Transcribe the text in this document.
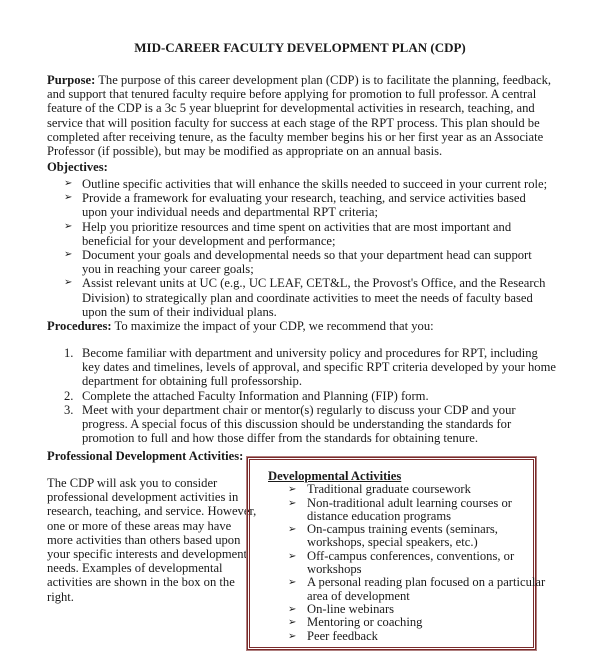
MID-CAREER FACULTY DEVELOPMENT PLAN (CDP)
Purpose: The purpose of this career development plan (CDP) is to facilitate the planning, feedback,
and support that tenured faculty require before applying for promotion to full professor. A central
feature of the CDP is a 3c 5 year blueprint for developmental activities in research, teaching, and
service that will position faculty for success at each stage of the RPT process. This plan should be
completed after receiving tenure, as the faculty member begins his or her first year as an Associate
Professor (if possible), but may be modified as appropriate on an annual basis.
Objectives:
➢ Outline specific activities that will enhance the skills needed to succeed in your current role;
➢ Provide a framework for evaluating your research, teaching, and service activities based
upon your individual needs and departmental RPT criteria;
➢ Help you prioritize resources and time spent on activities that are most important and
beneficial for your development and performance;
➢ Document your goals and developmental needs so that your department head can support
you in reaching your career goals;
➢ Assist relevant units at UC (e.g., UC LEAF, CET&L, the Provost's Office, and the Research
Division) to strategically plan and coordinate activities to meet the needs of faculty based
upon the sum of their individual plans.
Procedures: To maximize the impact of your CDP, we recommend that you:
1. Become familiar with department and university policy and procedures for RPT, including
key dates and timelines, levels of approval, and specific RPT criteria developed by your home
department for obtaining full professorship.
2. Complete the attached Faculty Information and Planning (FIP) form.
3. Meet with your department chair or mentor(s) regularly to discuss your CDP and your
progress. A special focus of this discussion should be understanding the standards for
promotion to full and how those differ from the standards for obtaining tenure.
Professional Development Activities:
The CDP will ask you to consider
professional development activities in
research, teaching, and service. However,
one or more of these areas may have
more activities than others based upon
your specific interests and development
needs. Examples of developmental
activities are shown in the box on the
right.
Developmental Activities
➢ Traditional graduate coursework
➢ Non-traditional adult learning courses or
distance education programs
➢ On-campus training events (seminars,
workshops, special speakers, etc.)
➢ Off-campus conferences, conventions, or
workshops
➢ A personal reading plan focused on a particular
area of development
➢ On-line webinars
➢ Mentoring or coaching
➢ Peer feedback
